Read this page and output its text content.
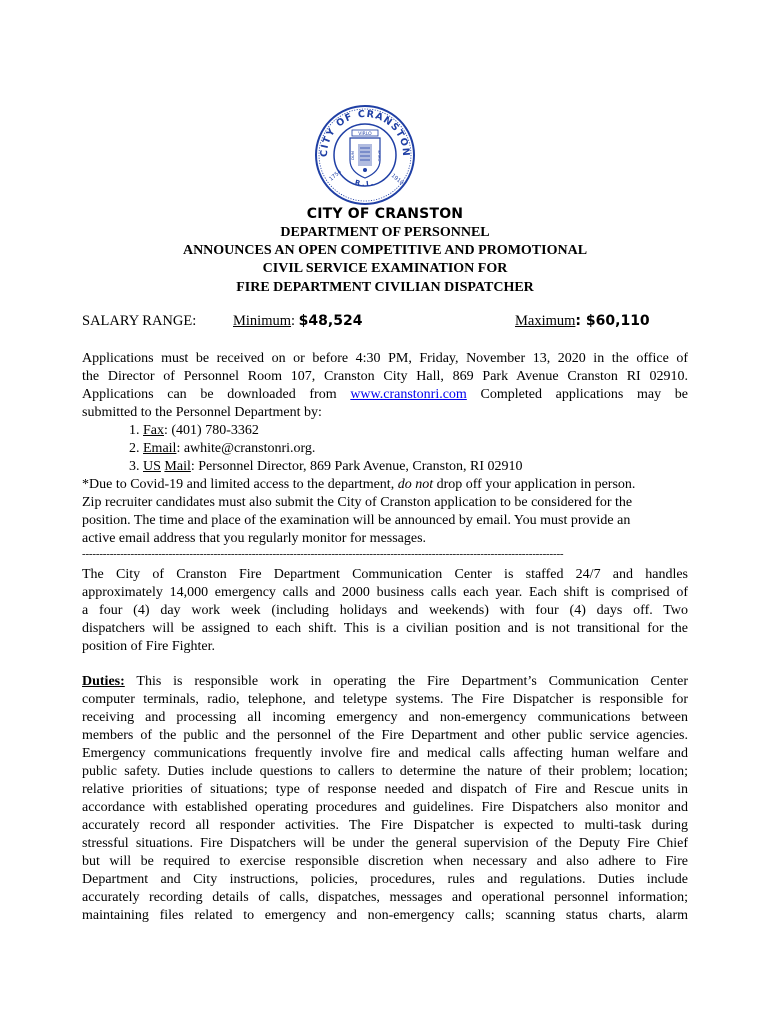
CITY OF CRANSTON
R.I.
1754	1910
VIRLO
DUM	SPIRO
CITY OF CRANSTON
DEPARTMENT OF PERSONNEL
ANNOUNCES AN OPEN COMPETITIVE AND PROMOTIONAL
CIVIL SERVICE EXAMINATION FOR
FIRE DEPARTMENT CIVILIAN DISPATCHER
SALARY RANGE:	Minimum: $48,524	Maximum: $60,110
Applications must be received on or before 4:30 PM, Friday, November 13, 2020 in the office of
the Director of Personnel Room 107, Cranston City Hall, 869 Park Avenue Cranston RI 02910.
Applications can be downloaded from www.cranstonri.com Completed applications may be
submitted to the Personnel Department by:
1. Fax: (401) 780-3362
2. Email: awhite@cranstonri.org.
3. US Mail: Personnel Director, 869 Park Avenue, Cranston, RI 02910
*Due to Covid-19 and limited access to the department, do not drop off your application in person.
Zip recruiter candidates must also submit the City of Cranston application to be considered for the
position. The time and place of the examination will be announced by email. You must provide an
active email address that you regularly monitor for messages.
-------------------------------------------------------------------------------------------------------------------------------------------
The City of Cranston Fire Department Communication Center is staffed 24/7 and handles
approximately 14,000 emergency calls and 2000 business calls each year. Each shift is comprised of
a four (4) day work week (including holidays and weekends) with four (4) days off. Two
dispatchers will be assigned to each shift. This is a civilian position and is not transitional for the
position of Fire Fighter.
Duties: This is responsible work in operating the Fire Department’s Communication Center
computer terminals, radio, telephone, and teletype systems. The Fire Dispatcher is responsible for
receiving and processing all incoming emergency and non-emergency communications between
members of the public and the personnel of the Fire Department and other public service agencies.
Emergency communications frequently involve fire and medical calls affecting human welfare and
public safety. Duties include questions to callers to determine the nature of their problem; location;
relative priorities of situations; type of response needed and dispatch of Fire and Rescue units in
accordance with established operating procedures and guidelines. Fire Dispatchers also monitor and
accurately record all responder activities. The Fire Dispatcher is expected to multi-task during
stressful situations. Fire Dispatchers will be under the general supervision of the Deputy Fire Chief
but will be required to exercise responsible discretion when necessary and also adhere to Fire
Department and City instructions, policies, procedures, rules and regulations. Duties include
accurately recording details of calls, dispatches, messages and operational personnel information;
maintaining files related to emergency and non-emergency calls; scanning status charts, alarm
